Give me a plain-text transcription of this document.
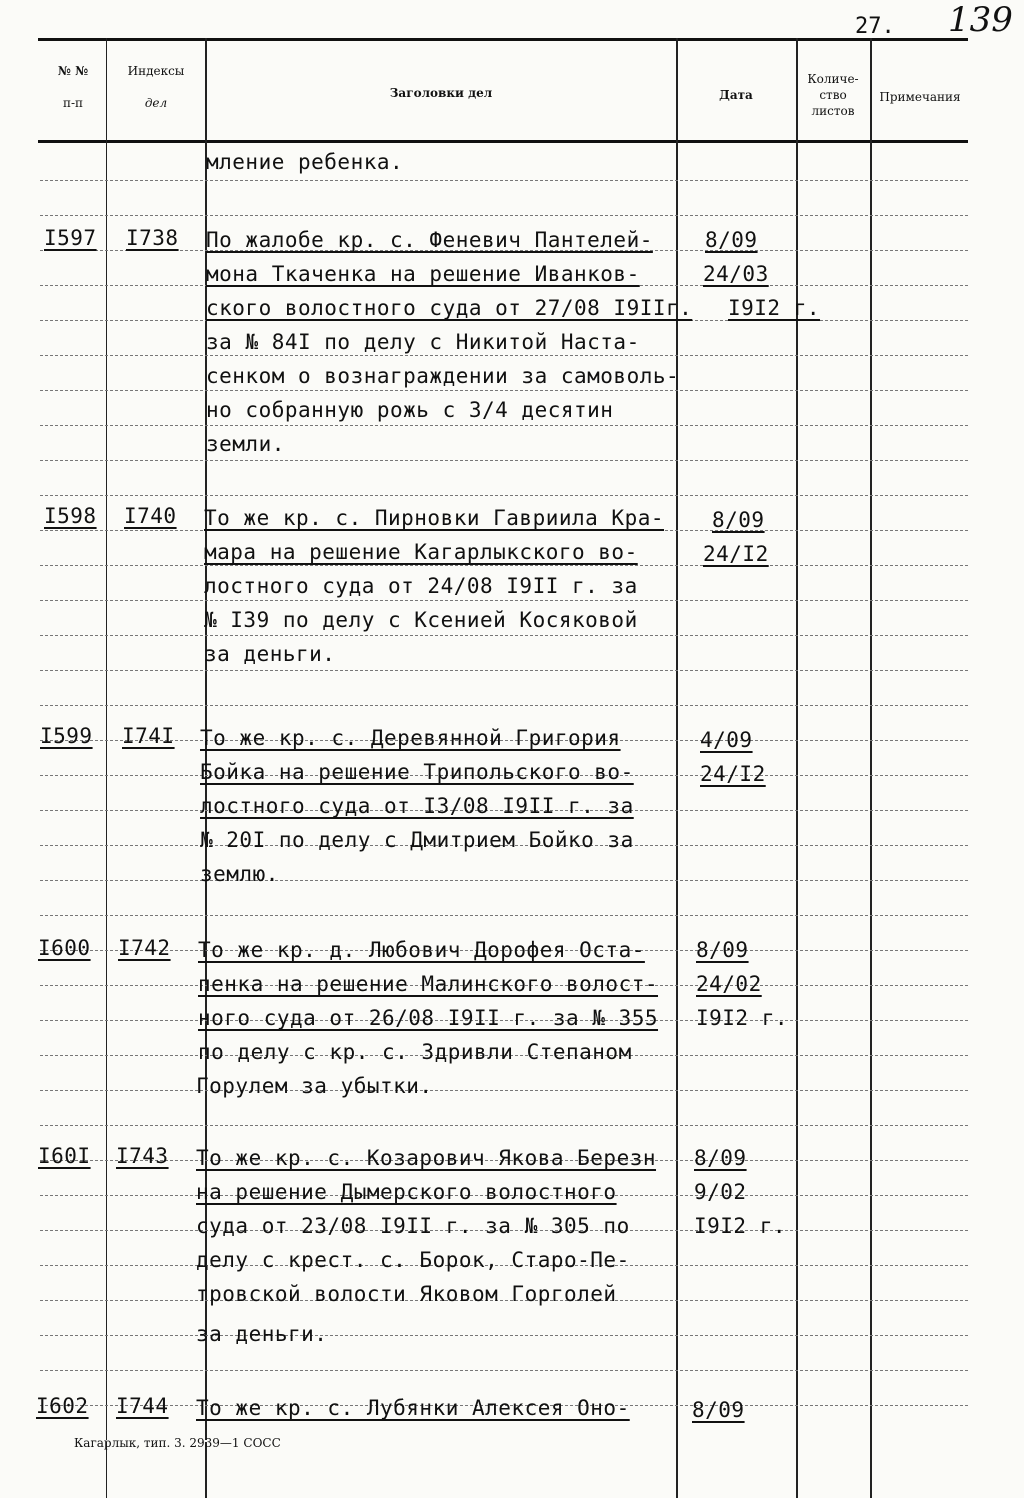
27. 139
№ №
п-п
Индексы
дел
Заголовки дел	Дата
Количе-
ство
листов
Примечания
мление ребенка.
I597 I738 По жалобе кр. с. Феневич Пантелей-
мона Ткаченка на решение Иванков-
ского волостного суда от 27/08 I9IIг.
за № 84I по делу с Никитой Наста-
сенком о вознаграждении за самоволь-
но собранную рожь с 3/4 десятин
земли.
8/09
24/03
I9I2 г.
I598 I740 То же кр. с. Пирновки Гавриила Кра-
мара на решение Кагарлыкского во-
лостного суда от 24/08 I9II г. за
№ I39 по делу с Ксенией Косяковой
за деньги.
8/09
24/I2
I599 I74I То же кр. с. Деревянной Григория
Бойка на решение Трипольского во-
лостного суда от I3/08 I9II г. за
№ 20I по делу с Дмитрием Бойко за
землю.
4/09
24/I2
I600 I742 То же кр. д. Любович Дорофея Оста-
пенка на решение Малинского волост-
ного суда от 26/08 I9II г. за № 355
по делу с кр. с. Здривли Степаном
Горулем за убытки.
8/09
24/02
I9I2 г.
I60I I743 То же кр. с. Козарович Якова Березн
на решение Дымерского волостного
суда от 23/08 I9II г. за № 305 по
делу с крест. с. Борок, Старо-Пе-
тровской волости Яковом Горголей
за деньги.
8/09
9/02
I9I2 г.
I602 I744 То же кр. с. Лубянки Алексея Оно-	8/09
Кагарлык, тип. 3. 2939—1 СОСС
